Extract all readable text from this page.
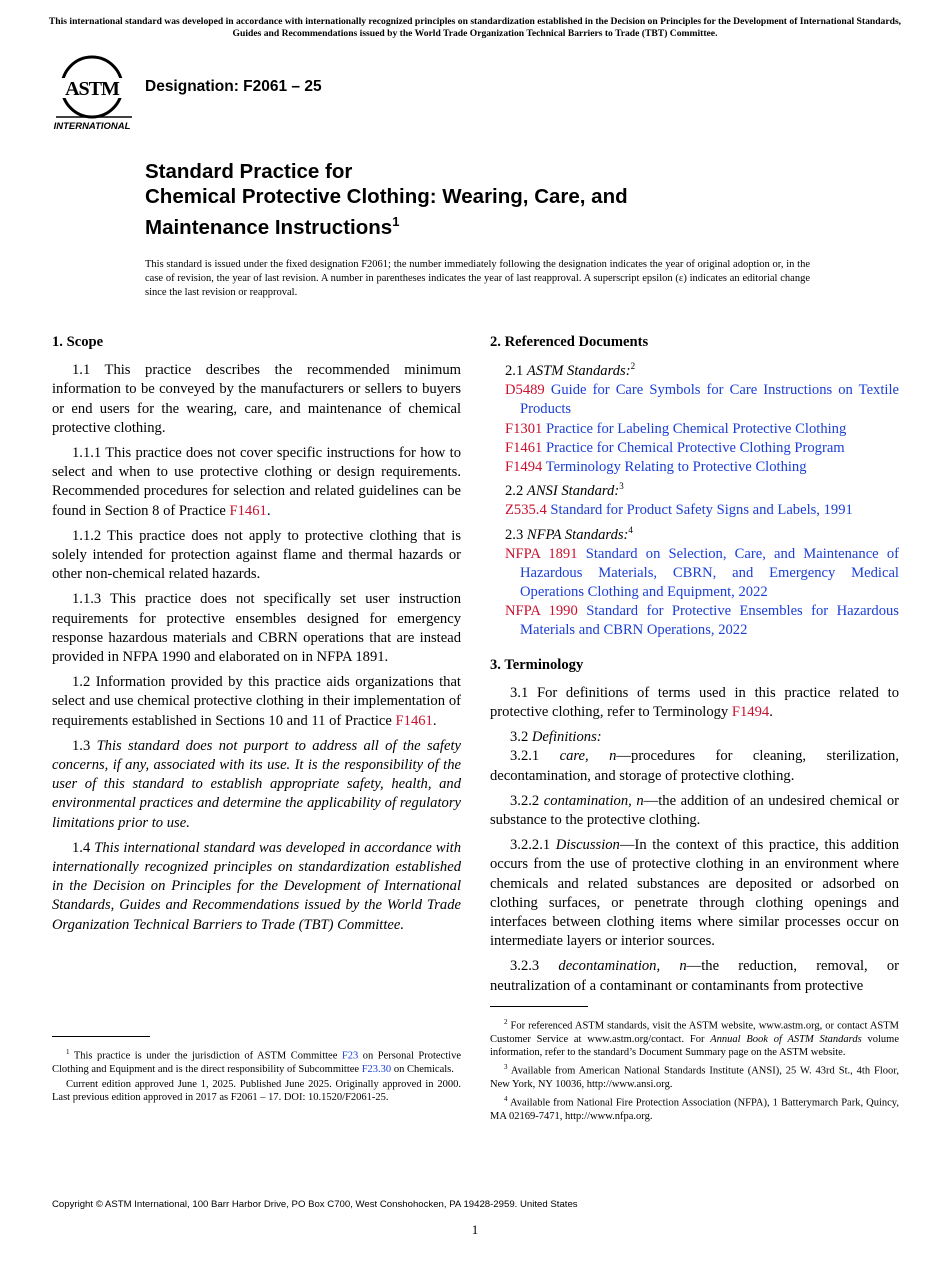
This international standard was developed in accordance with internationally recognized principles on standardization established in the Decision on Principles for the Development of International Standards, Guides and Recommendations issued by the World Trade Organization Technical Barriers to Trade (TBT) Committee.
ASTM
INTERNATIONAL
Designation: F2061 – 25
Standard Practice for
Chemical Protective Clothing: Wearing, Care, and
Maintenance Instructions$^1$
This standard is issued under the fixed designation F2061; the number immediately following the designation indicates the year of original adoption or, in the case of revision, the year of last revision. A number in parentheses indicates the year of last reapproval. A superscript epsilon (ε) indicates an editorial change since the last revision or reapproval.
1. Scope

1.1 This practice describes the recommended minimum information to be conveyed by the manufacturers or sellers to buyers or end users for the wearing, care, and maintenance of chemical protective clothing.

1.1.1 This practice does not cover specific instructions for how to select and when to use protective clothing or design requirements. Recommended procedures for selection and related guidelines can be found in Section 8 of Practice F1461.

1.1.2 This practice does not apply to protective clothing that is solely intended for protection against flame and thermal hazards or other non-chemical related hazards.

1.1.3 This practice does not specifically set user instruction requirements for protective ensembles designed for emergency response hazardous materials and CBRN operations that are instead provided in NFPA 1990 and elaborated on in NFPA 1891.

1.2 Information provided by this practice aids organizations that select and use chemical protective clothing in their implementation of requirements established in Sections 10 and 11 of Practice F1461.

1.3 This standard does not purport to address all of the safety concerns, if any, associated with its use. It is the responsibility of the user of this standard to establish appropriate safety, health, and environmental practices and determine the applicability of regulatory limitations prior to use.

1.4 This international standard was developed in accordance with internationally recognized principles on standardization established in the Decision on Principles for the Development of International Standards, Guides and Recommendations issued by the World Trade Organization Technical Barriers to Trade (TBT) Committee.

$^1$ This practice is under the jurisdiction of ASTM Committee F23 on Personal Protective Clothing and Equipment and is the direct responsibility of Subcommittee F23.30 on Chemicals.

Current edition approved June 1, 2025. Published June 2025. Originally approved in 2000. Last previous edition approved in 2017 as F2061 – 17. DOI: 10.1520/F2061-25.

2. Referenced Documents
2.1 ASTM Standards:$^2$
D5489 Guide for Care Symbols for Care Instructions on Textile Products
F1301 Practice for Labeling Chemical Protective Clothing
F1461 Practice for Chemical Protective Clothing Program
F1494 Terminology Relating to Protective Clothing
2.2 ANSI Standard:$^3$
Z535.4 Standard for Product Safety Signs and Labels, 1991
2.3 NFPA Standards:$^4$
NFPA 1891 Standard on Selection, Care, and Maintenance of Hazardous Materials, CBRN, and Emergency Medical Operations Clothing and Equipment, 2022
NFPA 1990 Standard for Protective Ensembles for Hazardous Materials and CBRN Operations, 2022
3. Terminology

3.1 For definitions of terms used in this practice related to protective clothing, refer to Terminology F1494.

3.2 Definitions:

3.2.1 care, n—procedures for cleaning, sterilization, decontamination, and storage of protective clothing.

3.2.2 contamination, n—the addition of an undesired chemical or substance to the protective clothing.

3.2.2.1 Discussion—In the context of this practice, this addition occurs from the use of protective clothing in an environment where chemicals and related substances are deposited or adsorbed on clothing surfaces, or penetrate through clothing openings and interfaces between clothing items where similar processes occur on intermediate layers or interior sources.

3.2.3 decontamination, n—the reduction, removal, or neutralization of a contaminant or contaminants from protective

$^2$ For referenced ASTM standards, visit the ASTM website, www.astm.org, or contact ASTM Customer Service at www.astm.org/contact. For Annual Book of ASTM Standards volume information, refer to the standard’s Document Summary page on the ASTM website.

$^3$ Available from American National Standards Institute (ANSI), 25 W. 43rd St., 4th Floor, New York, NY 10036, http://www.ansi.org.

$^4$ Available from National Fire Protection Association (NFPA), 1 Batterymarch Park, Quincy, MA 02169-7471, http://www.nfpa.org.

Copyright © ASTM International, 100 Barr Harbor Drive, PO Box C700, West Conshohocken, PA 19428-2959. United States
1
